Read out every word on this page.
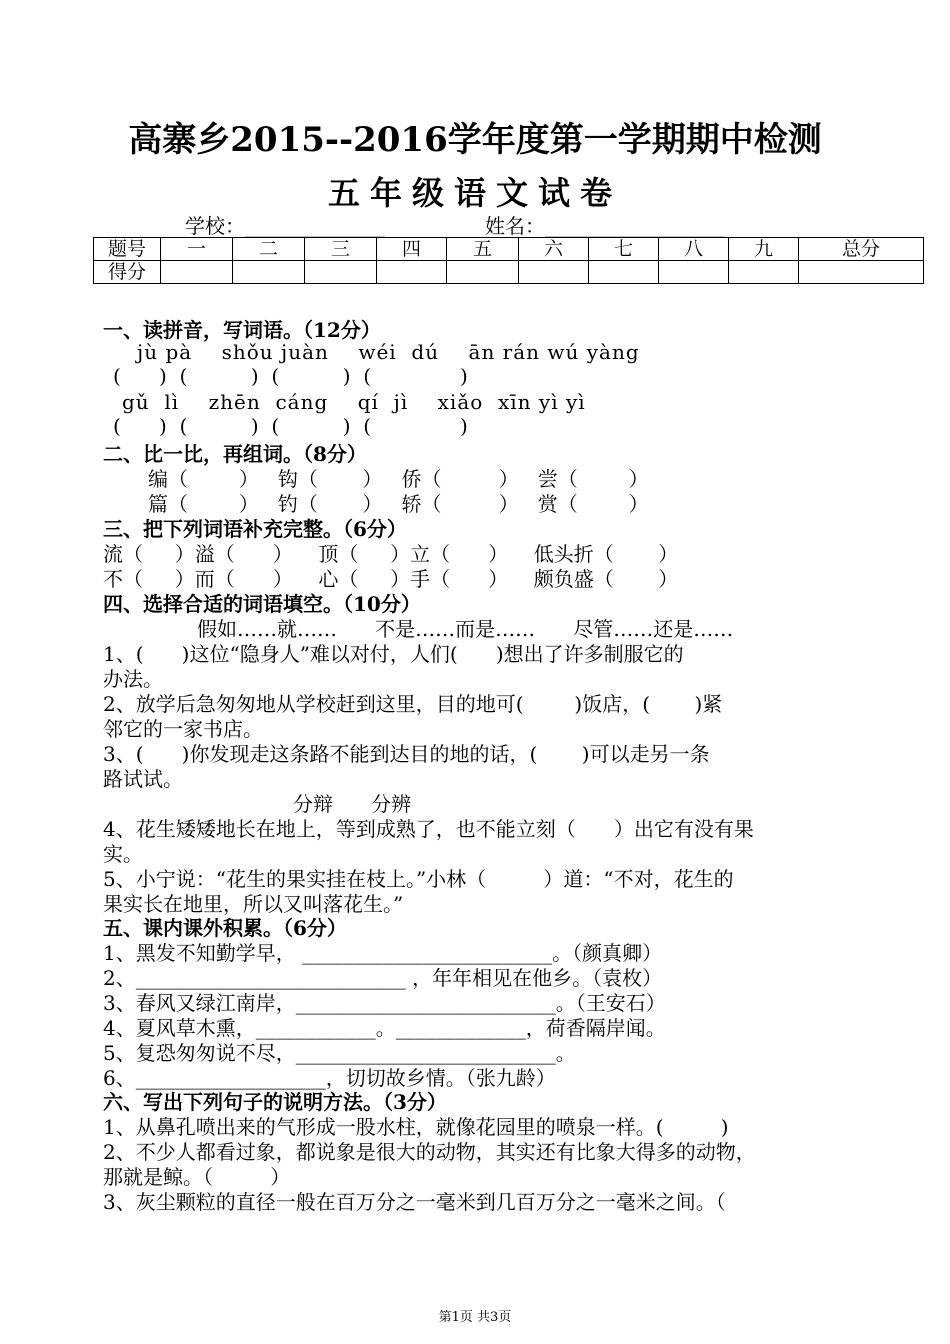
高寨乡2015--2016学年度第一学期期中检测
五年级语文试卷
学校：______________	姓名：__________________
题号	一	二	三	四	五	六	七	八	九	总分
得分										
一、读拼音，写词语。（12分）
jù pà    shǒu juàn    wéi  dú    ān rán wú yàng
(      )  (          )  (          )  (              )
gǔ  lì    zhēn  cáng    qí  jì    xiǎo  xīn yì yì
(      )  (          )  (          )  (              )
二、比一比，再组词。（8分）
编（        ）   钩（       ）   侨（         ）   尝（        ）
篇（        ）   钓（       ）   轿（         ）   赏（        ）
三、把下列词语补充完整。（6分）
流（     ）溢（      ）    顶（     ）立（      ）    低头折（       ）
不（     ）而（      ）    心（     ）手（      ）    颇负盛（       ）
四、选择合适的词语填空。（10分）
假如……就……      不是……而是……      尽管……还是……
1、(      )这位“隐身人”难以对付，人们(      )想出了许多制服它的
办法。
2、放学后急匆匆地从学校赶到这里，目的地可(        )饭店，(       )紧
邻它的一家书店。
3、(      )你发现走这条路不能到达目的地的话，(       )可以走另一条
路试试。
分辩      分辨
4、花生矮矮地长在地上，等到成熟了，也不能立刻（      ）出它有没有果
实。
5、小宁说：“花生的果实挂在枝上。”小林（         ）道：“不对，花生的
果实长在地里，所以又叫落花生。”
五、课内课外积累。（6分）
1、黑发不知勤学早， _________________________。（颜真卿）
2、___________________________ ，年年相见在他乡。（袁枚）
3、春风又绿江南岸，__________________________。（王安石）
4、夏风草木熏，____________。_____________，荷香隔岸闻。
5、复恐匆匆说不尽，__________________________。
6、___________________，切切故乡情。（张九龄）
六、写出下列句子的说明方法。（3分）
1、从鼻孔喷出来的气形成一股水柱，就像花园里的喷泉一样。(         )
2、不少人都看过象，都说象是很大的动物，其实还有比象大得多的动物，
那就是鲸。（         ）
3、灰尘颗粒的直径一般在百万分之一毫米到几百万分之一毫米之间。（
第1页 共3页
